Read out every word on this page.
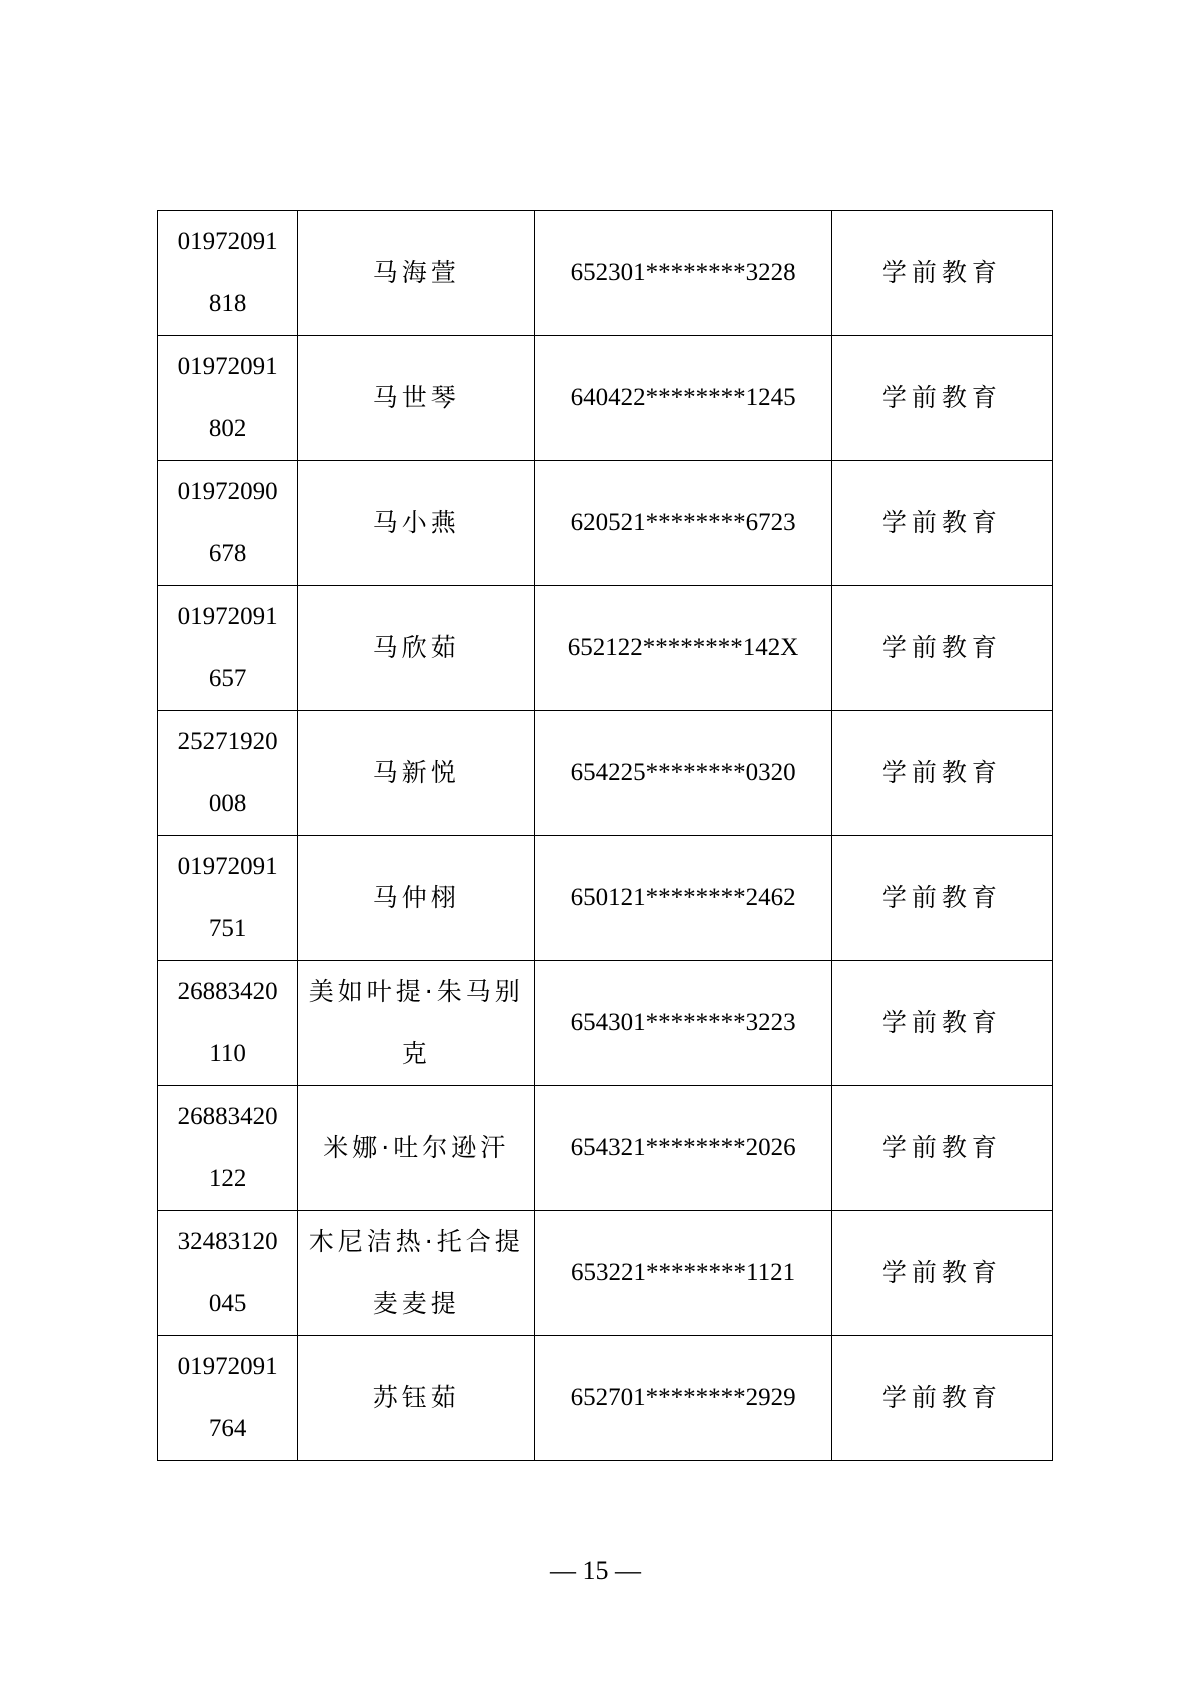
01972091
818	马海萱	652301********3228	学前教育

01972091
802	马世琴	640422********1245	学前教育

01972090
678	马小燕	620521********6723	学前教育

01972091
657	马欣茹	652122********142X	学前教育

25271920
008	马新悦	654225********0320	学前教育

01972091
751	马仲栩	650121********2462	学前教育

26883420
110	美如叶提·朱马别克	654301********3223	学前教育

26883420
122	米娜·吐尔逊汗	654321********2026	学前教育

32483120
045	木尼洁热·托合提麦麦提	653221********1121	学前教育

01972091
764	苏钰茹	652701********2929	学前教育
— 15 —
